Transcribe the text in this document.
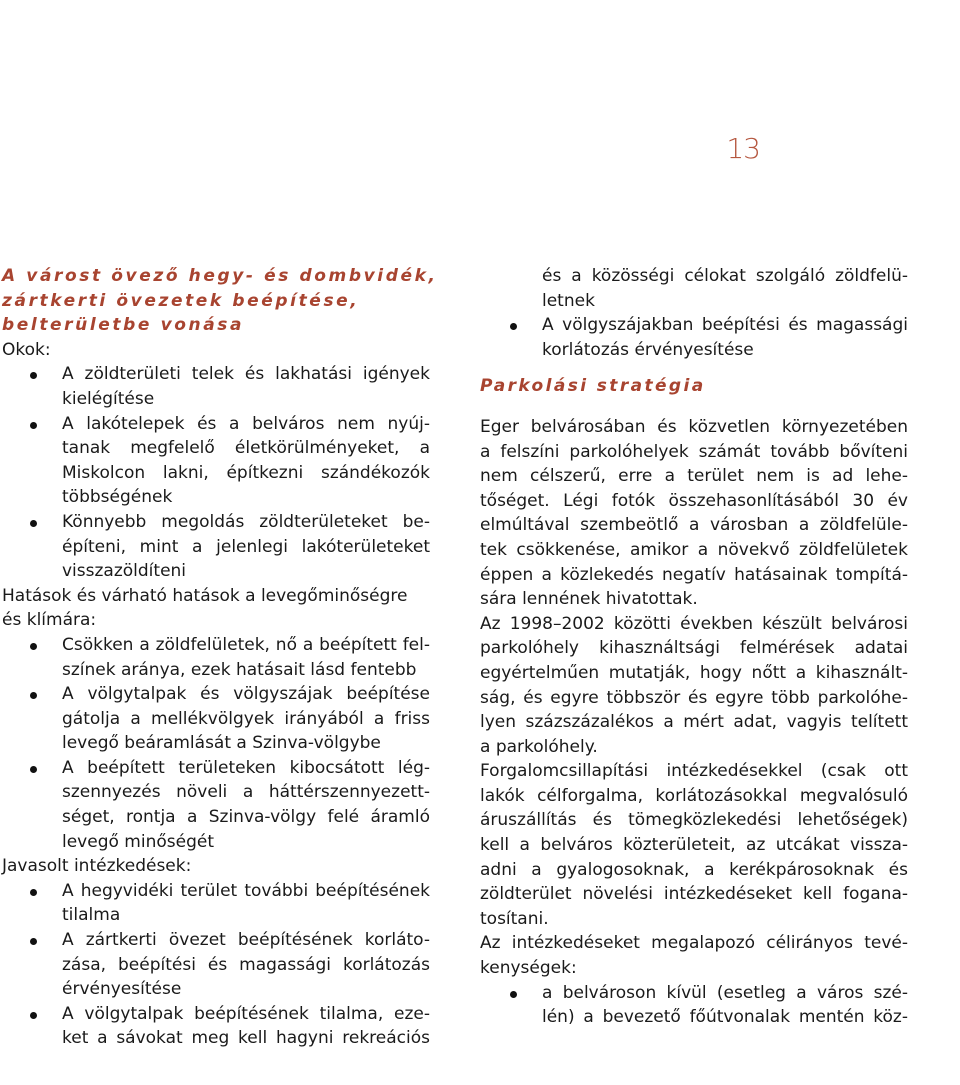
13
A várost övező hegy- és dombvidék,
zártkerti övezetek beépítése,
belterületbe vonása
Okok:
A zöldterületi telek és lakhatási igények
kielégítése
A lakótelepek és a belváros nem nyúj-
tanak megfelelő életkörülményeket, a
Miskolcon lakni, építkezni szándékozók
többségének
Könnyebb megoldás zöldterületeket be-
építeni, mint a jelenlegi lakóterületeket
visszazöldíteni
Hatások és várható hatások a levegőminőségre
és klímára:
Csökken a zöldfelületek, nő a beépített fel-
színek aránya, ezek hatásait lásd fentebb
A völgytalpak és völgyszájak beépítése
gátolja a mellékvölgyek irányából a friss
levegő beáramlását a Szinva-völgybe
A beépített területeken kibocsátott lég-
szennyezés növeli a háttérszennyezett-
séget, rontja a Szinva-völgy felé áramló
levegő minőségét
Javasolt intézkedések:
A hegyvidéki terület további beépítésének
tilalma
A zártkerti övezet beépítésének korláto-
zása, beépítési és magassági korlátozás
érvényesítése
A völgytalpak beépítésének tilalma, eze-
ket a sávokat meg kell hagyni rekreációs
és a közösségi célokat szolgáló zöldfelü-
letnek
A völgyszájakban beépítési és magassági
korlátozás érvényesítése
Parkolási stratégia
Eger belvárosában és közvetlen környezetében
a felszíni parkolóhelyek számát tovább bővíteni
nem célszerű, erre a terület nem is ad lehe-
tőséget. Légi fotók összehasonlításából 30 év
elmúltával szembeötlő a városban a zöldfelüle-
tek csökkenése, amikor a növekvő zöldfelületek
éppen a közlekedés negatív hatásainak tompítá-
sára lennének hivatottak.
Az 1998–2002 közötti években készült belvárosi
parkolóhely kihasználtsági felmérések adatai
egyértelműen mutatják, hogy nőtt a kihasznált-
ság, és egyre többször és egyre több parkolóhe-
lyen százszázalékos a mért adat, vagyis telített
a parkolóhely.
Forgalomcsillapítási intézkedésekkel (csak ott
lakók célforgalma, korlátozásokkal megvalósuló
áruszállítás és tömegközlekedési lehetőségek)
kell a belváros közterületeit, az utcákat vissza-
adni a gyalogosoknak, a kerékpárosoknak és
zöldterület növelési intézkedéseket kell fogana-
tosítani.
Az intézkedéseket megalapozó célirányos tevé-
kenységek:
a belvároson kívül (esetleg a város szé-
lén) a bevezető főútvonalak mentén köz-
